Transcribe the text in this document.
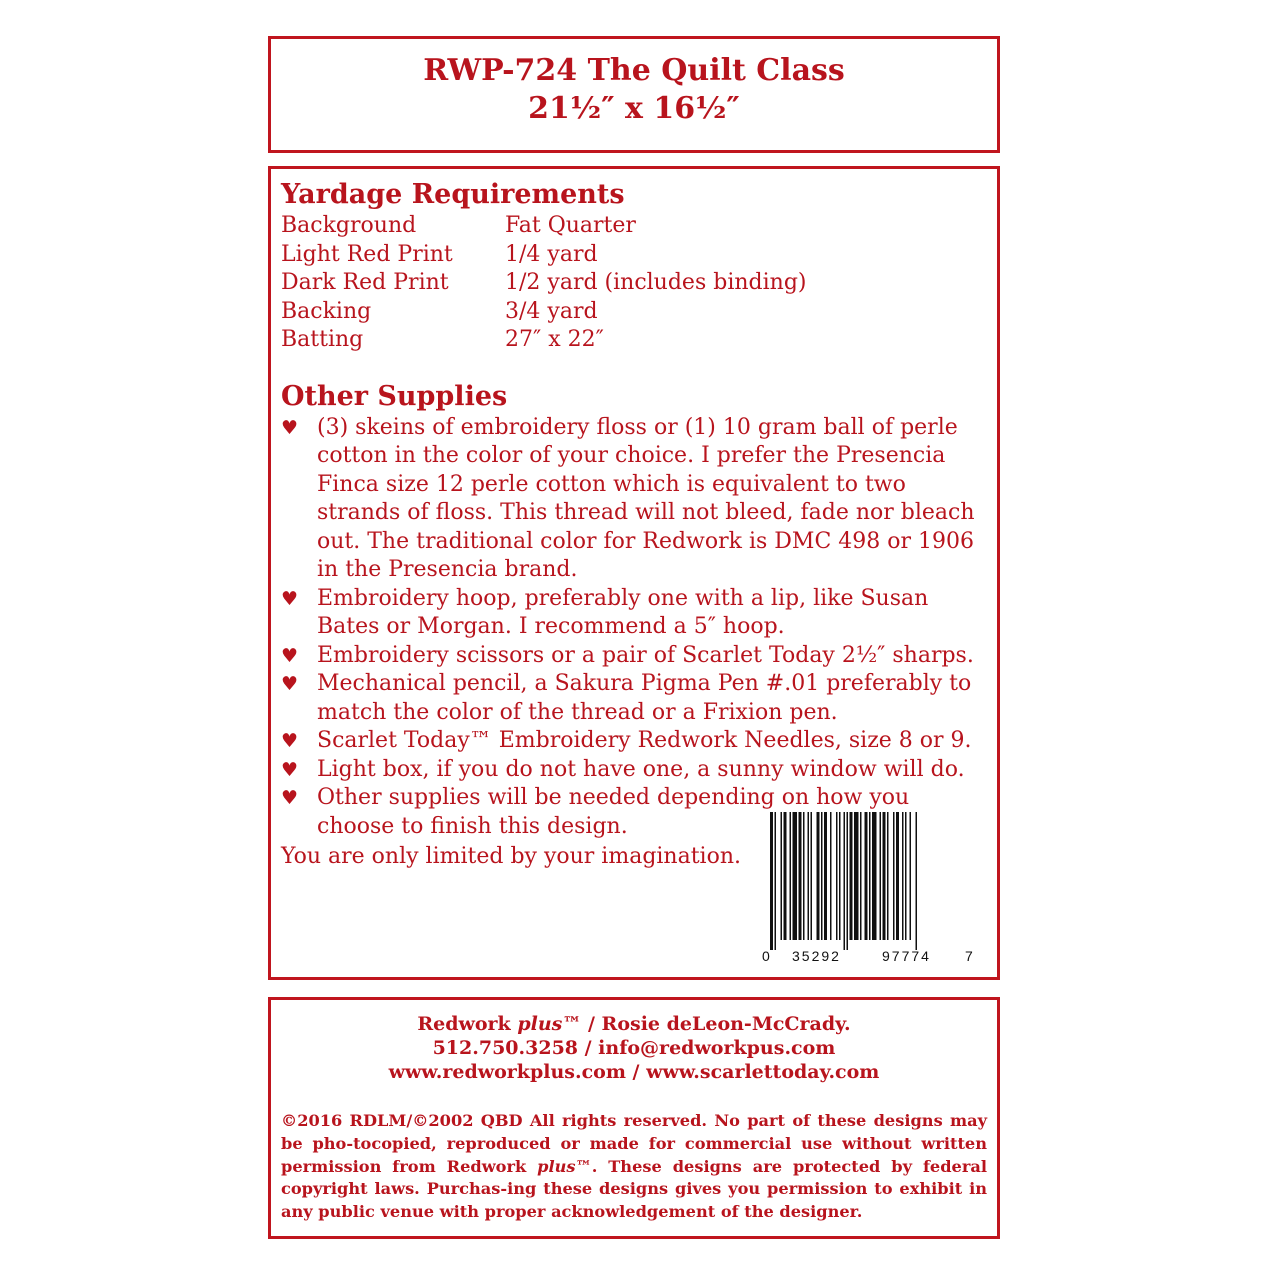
RWP-724 The Quilt Class

21½″ x 16½″

Yardage Requirements
Background	Fat Quarter
Light Red Print 1/4 yard
Dark Red Print	1/2 yard (includes binding)
Backing	3/4 yard
Batting	27″ x 22″
Other Supplies
♥ (3) skeins of embroidery floss or (1) 10 gram ball of perle cotton in the color of your choice. I prefer the Presencia Finca size 12 perle cotton which is equivalent to two strands of floss. This thread will not bleed, fade nor bleach out. The traditional color for Redwork is DMC 498 or 1906 in the Presencia brand.
♥ Embroidery hoop, preferably one with a lip, like Susan Bates or Morgan. I recommend a 5″ hoop.
♥ Embroidery scissors or a pair of Scarlet Today 2½″ sharps.
♥ Mechanical pencil, a Sakura Pigma Pen #.01 preferably to match the color of the thread or a Frixion pen.
♥ Scarlet Today™ Embroidery Redwork Needles, size 8 or 9.
♥ Light box, if you do not have one, a sunny window will do.
♥ Other supplies will be needed depending on how you choose to finish this design.

You are only limited by your imagination.

0 35292	97774 7

Redwork plus™ / Rosie deLeon-McCrady.

512.750.3258 / info@redworkpus.com

www.redworkplus.com / www.scarlettoday.com

©2016 RDLM/©2002 QBD All rights reserved. No part of these designs may be pho-tocopied, reproduced or made for commercial use without written permission from Redwork plus™. These designs are protected by federal copyright laws. Purchas-ing these designs gives you permission to exhibit in any public venue with proper acknowledgement of the designer.
